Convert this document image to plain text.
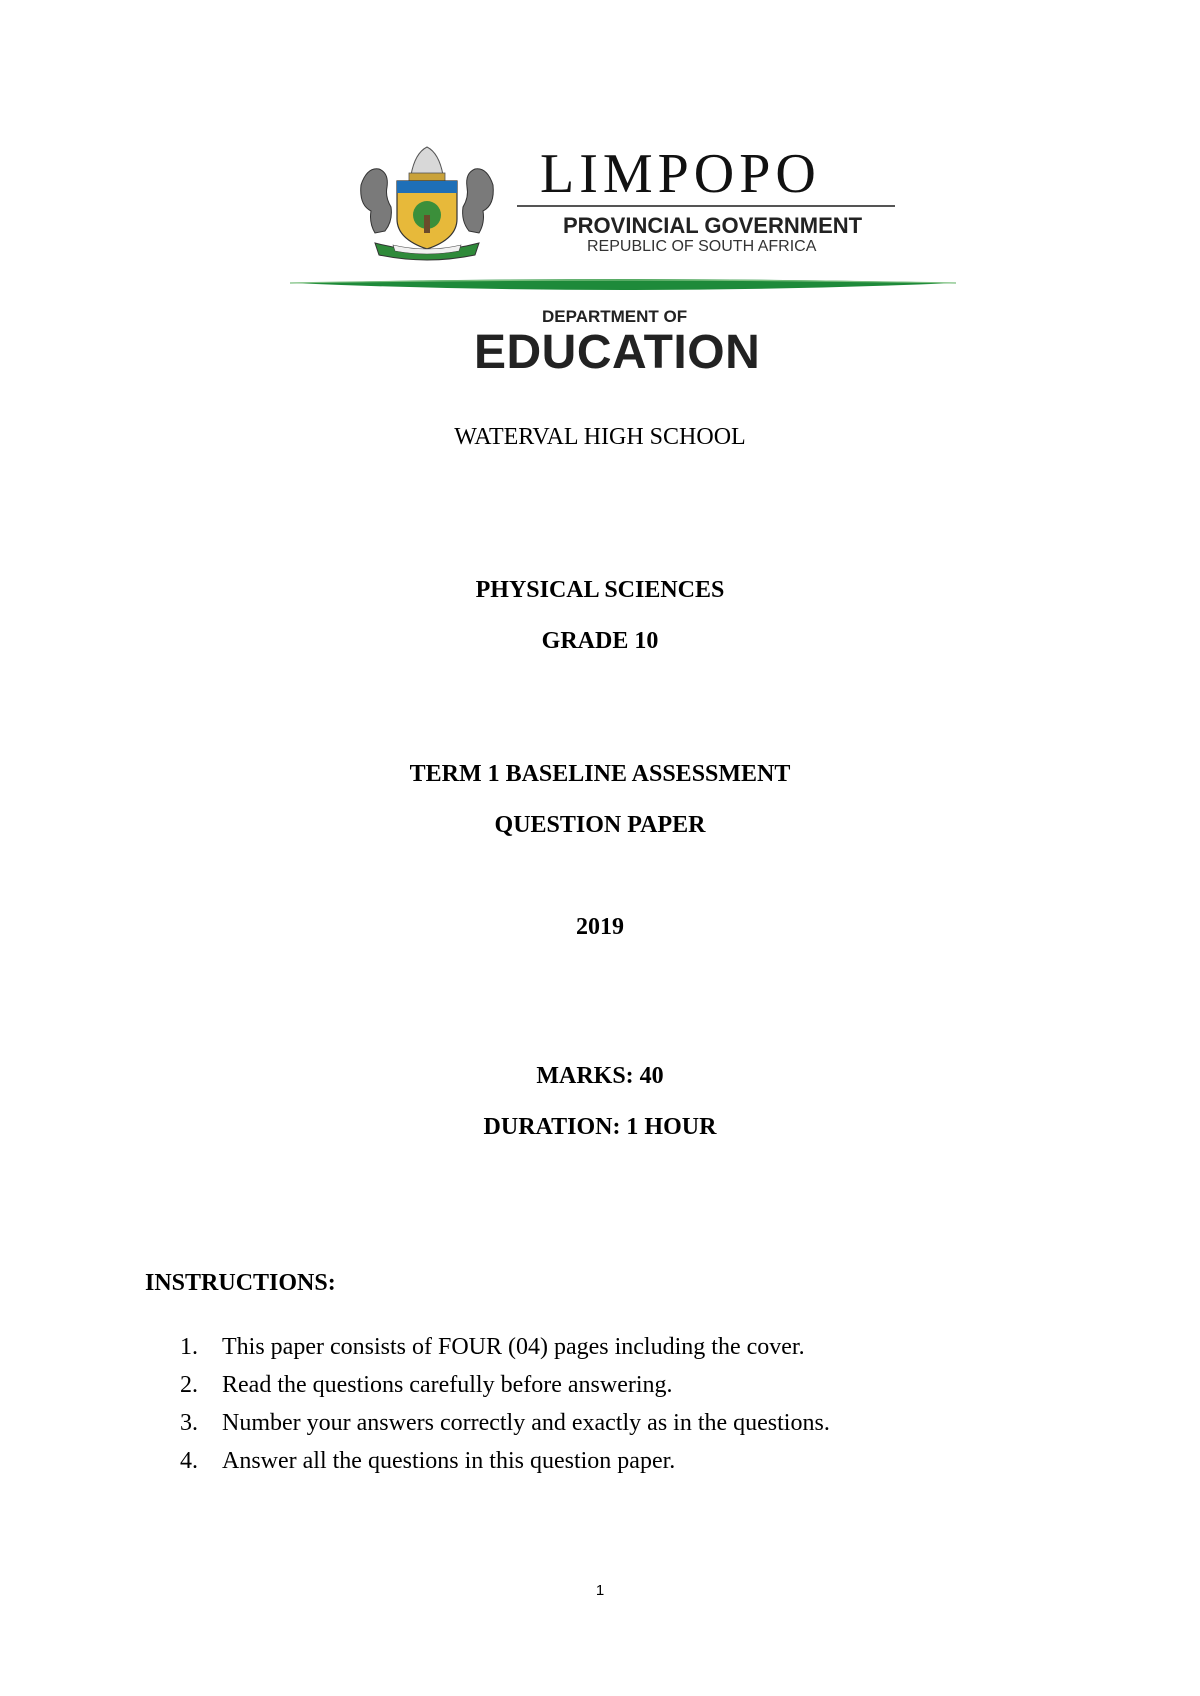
LIMPOPO
PROVINCIAL GOVERNMENT
REPUBLIC OF SOUTH AFRICA
DEPARTMENT OF
EDUCATION
WATERVAL HIGH SCHOOL
PHYSICAL SCIENCES
GRADE 10
TERM 1 BASELINE ASSESSMENT
QUESTION PAPER
2019
MARKS: 40
DURATION: 1 HOUR
INSTRUCTIONS:
1. This paper consists of FOUR (04) pages including the cover.
2. Read the questions carefully before answering.
3. Number your answers correctly and exactly as in the questions.
4. Answer all the questions in this question paper.
1
